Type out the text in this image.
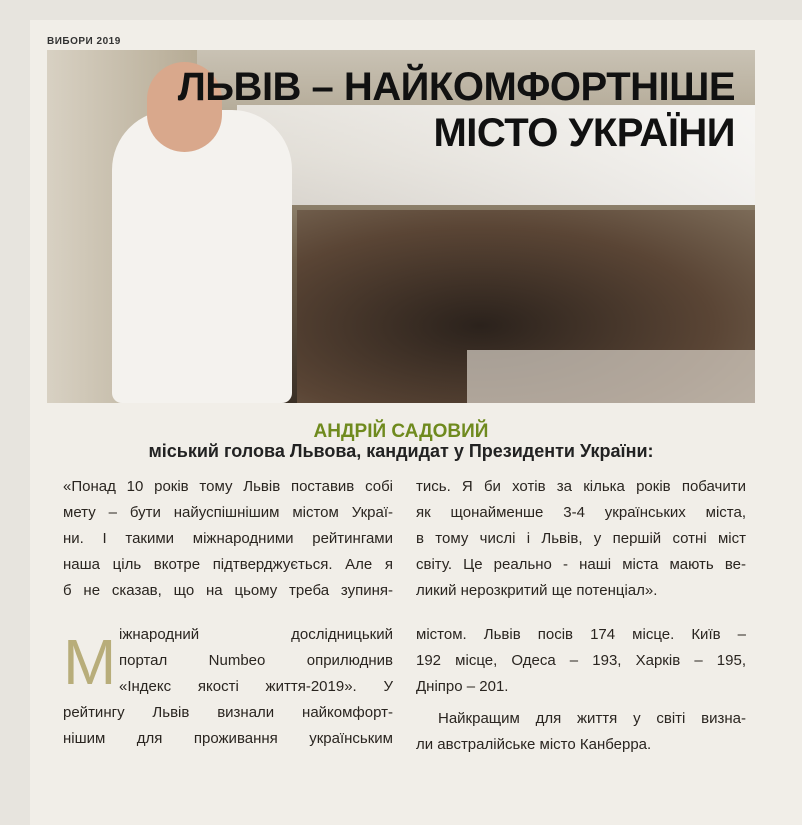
ВИБОРИ 2019
ЛЬВІВ – НАЙКОМФОРТНІШЕ
МІСТО УКРАЇНИ
АНДРІЙ САДОВИЙ
міський голова Львова, кандидат у Президенти України:
«Понад 10 років тому Львів поставив собі
мету – бути найуспішнішим містом Украї-
ни. І такими міжнародними рейтингами
наша ціль вкотре підтверджується. Але я
б не сказав, що на цьому треба зупиня-
тись. Я би хотів за кілька років побачити
як щонайменше 3-4 українських міста,
в тому числі і Львів, у першій сотні міст
світу. Це реально - наші міста мають ве-
ликий нерозкритий ще потенціал».
М іжнародний дослідницький
портал Numbeo оприлюднив
«Індекс якості життя-2019». У
рейтингу Львів визнали найкомфорт-
нішим для проживання українським
містом. Львів посів 174 місце. Київ –
192 місце, Одеса – 193, Харків – 195,
Дніпро – 201.
Найкращим для життя у світі визна-
ли австралійське місто Канберра.
